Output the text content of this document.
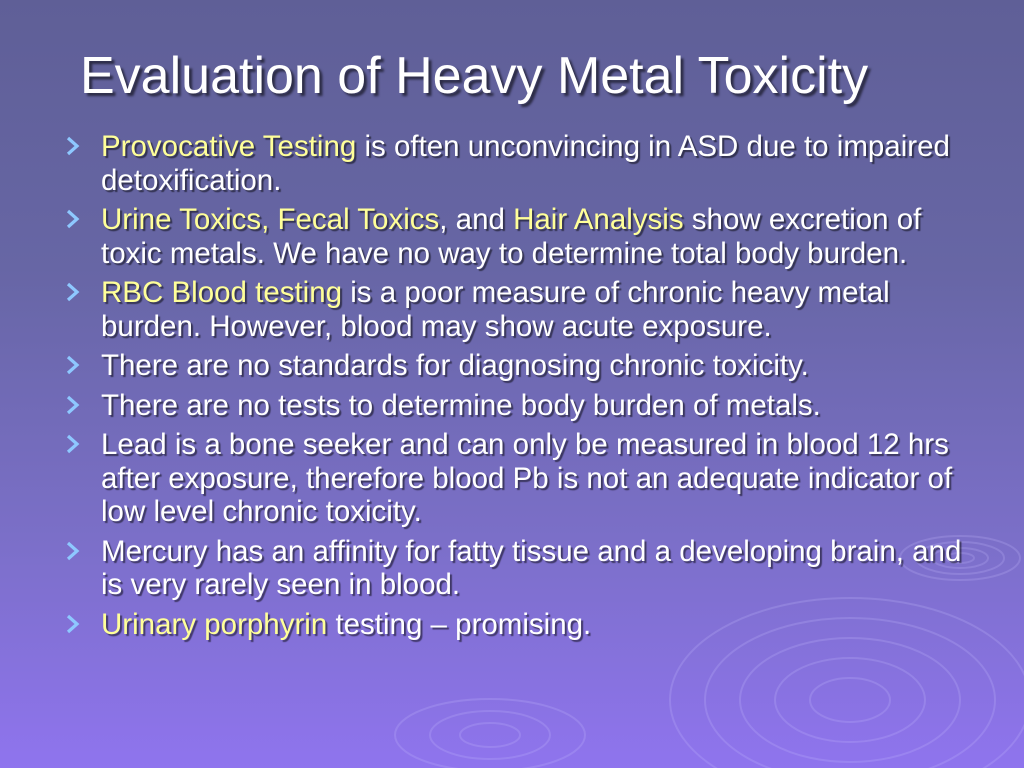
Evaluation of Heavy Metal Toxicity
Provocative Testing is often unconvincing in ASD due to impaired detoxification.
Urine Toxics, Fecal Toxics, and Hair Analysis show excretion of toxic metals. We have no way to determine total body burden.
RBC Blood testing is a poor measure of chronic heavy metal burden. However, blood may show acute exposure.
There are no standards for diagnosing chronic toxicity.
There are no tests to determine body burden of metals.
Lead is a bone seeker and can only be measured in blood 12 hrs after exposure, therefore blood Pb is not an adequate indicator of low level chronic toxicity.
Mercury has an affinity for fatty tissue and a developing brain, and is very rarely seen in blood.
Urinary porphyrin testing – promising.
